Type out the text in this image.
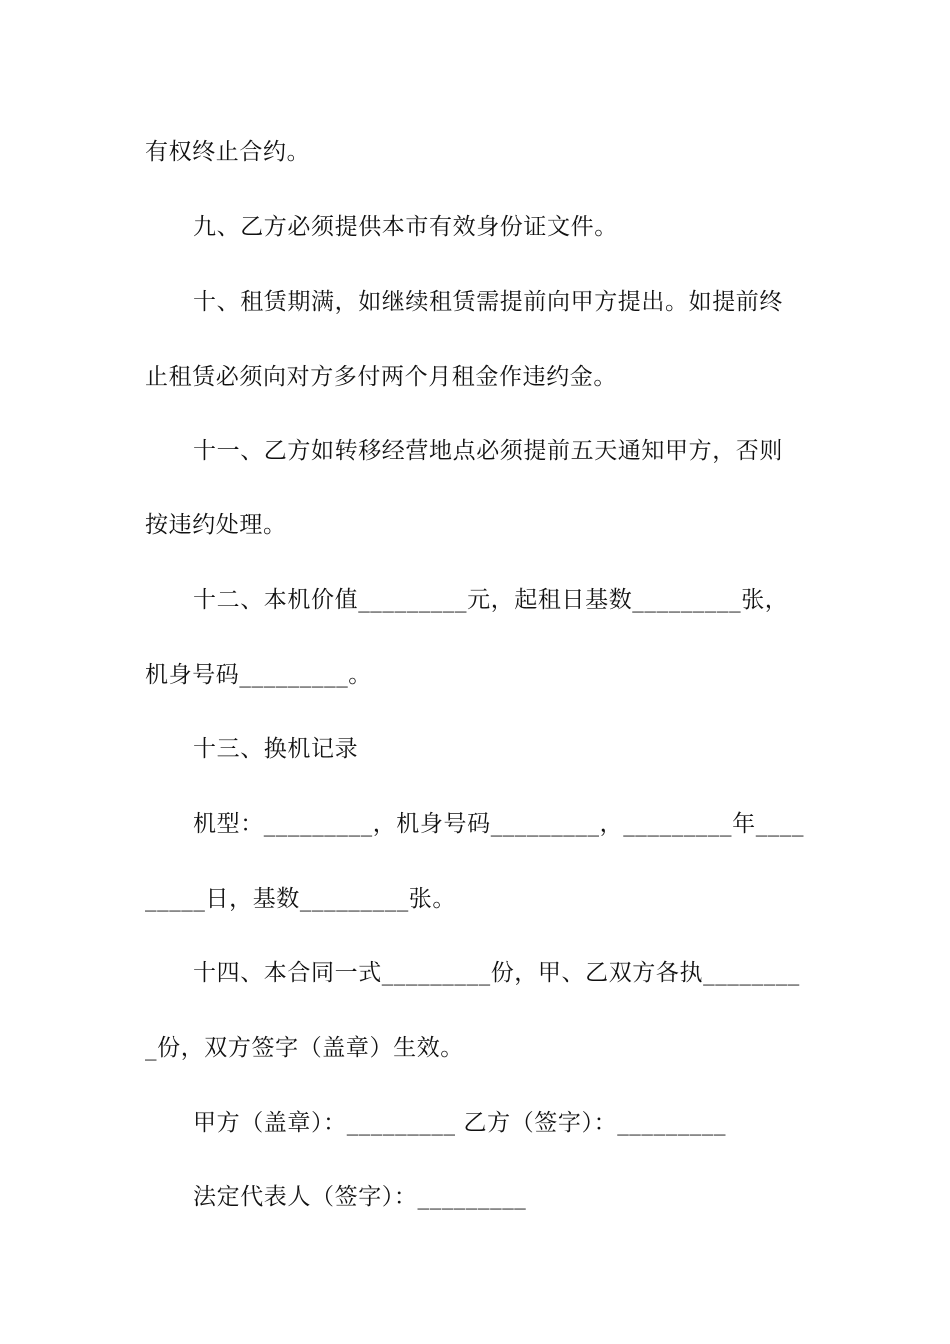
有权终止合约。
九、乙方必须提供本市有效身份证文件。
十、租赁期满，如继续租赁需提前向甲方提出。如提前终
止租赁必须向对方多付两个月租金作违约金。
十一、乙方如转移经营地点必须提前五天通知甲方，否则
按违约处理。
十二、本机价值_________元，起租日基数_________张，
机身号码_________。
十三、换机记录
机型：_________，机身号码_________，_________年____
_____日，基数_________张。
十四、本合同一式_________份，甲、乙双方各执________
_份，双方签字（盖章）生效。
甲方（盖章）：_________ 乙方（签字）：_________
法定代表人（签字）：_________
